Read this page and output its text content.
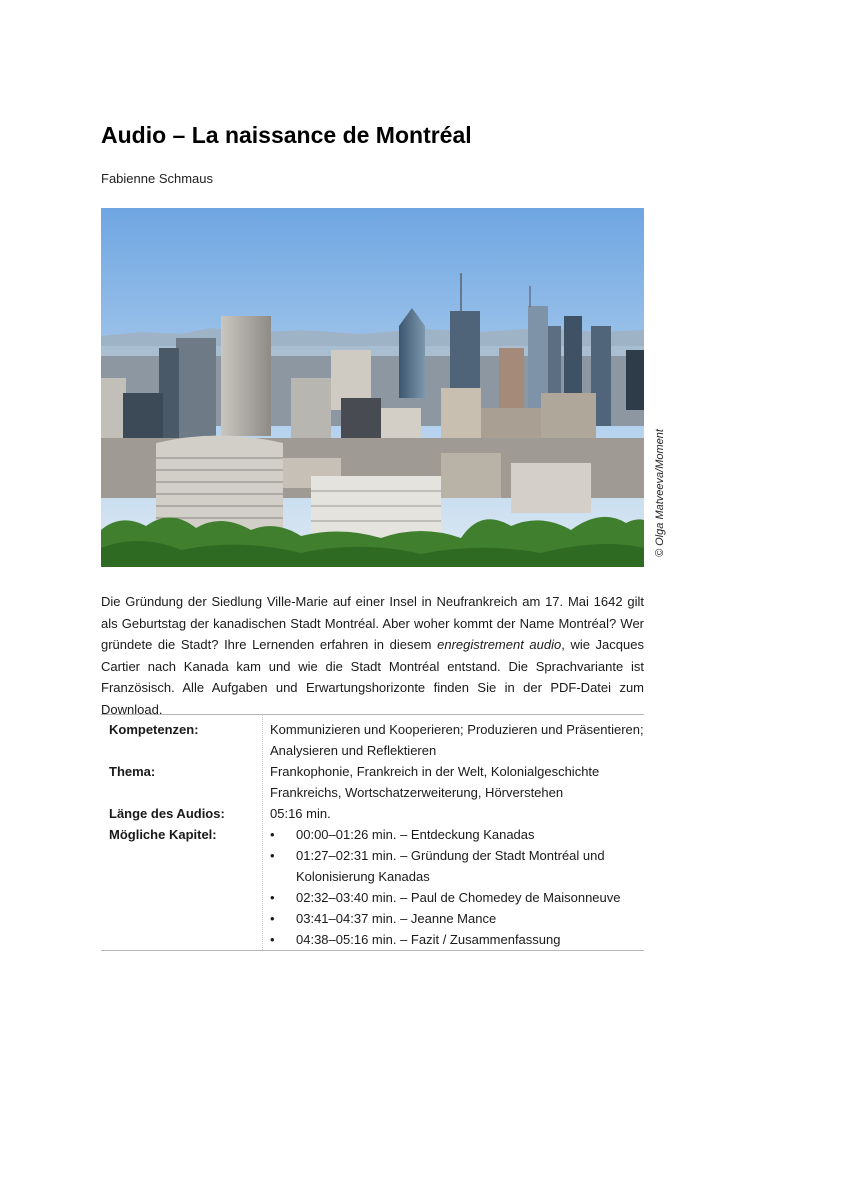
Audio – La naissance de Montréal
Fabienne Schmaus
© Olga Matveeva/Moment

Die Gründung der Siedlung Ville-Marie auf einer Insel in Neufrankreich am 17. Mai 1642 gilt als Geburtstag der kanadischen Stadt Montréal. Aber woher kommt der Name Montréal? Wer gründete die Stadt? Ihre Lernenden erfahren in diesem enregistrement audio, wie Jacques Cartier nach Kanada kam und wie die Stadt Montréal entstand. Die Sprachvariante ist Französisch. Alle Aufgaben und Erwartungshorizonte finden Sie in der PDF-Datei zum Download.

Kompetenzen:	Kommunizieren und Kooperieren; Produzieren und Präsentieren; Analysieren und Reflektieren
Thema:	Frankophonie, Frankreich in der Welt, Kolonialgeschichte Frankreichs, Wortschatzerweiterung, Hörverstehen
Länge des Audios:	05:16 min.
Mögliche Kapitel:
•	00:00–01:26 min. – Entdeckung Kanadas
• 01:27–02:31 min. – Gründung der Stadt Montréal und Kolonisierung Kanadas
• 02:32–03:40 min. – Paul de Chomedey de Maisonneuve
• 03:41–04:37 min. – Jeanne Mance
• 04:38–05:16 min. – Fazit / Zusammenfassung
